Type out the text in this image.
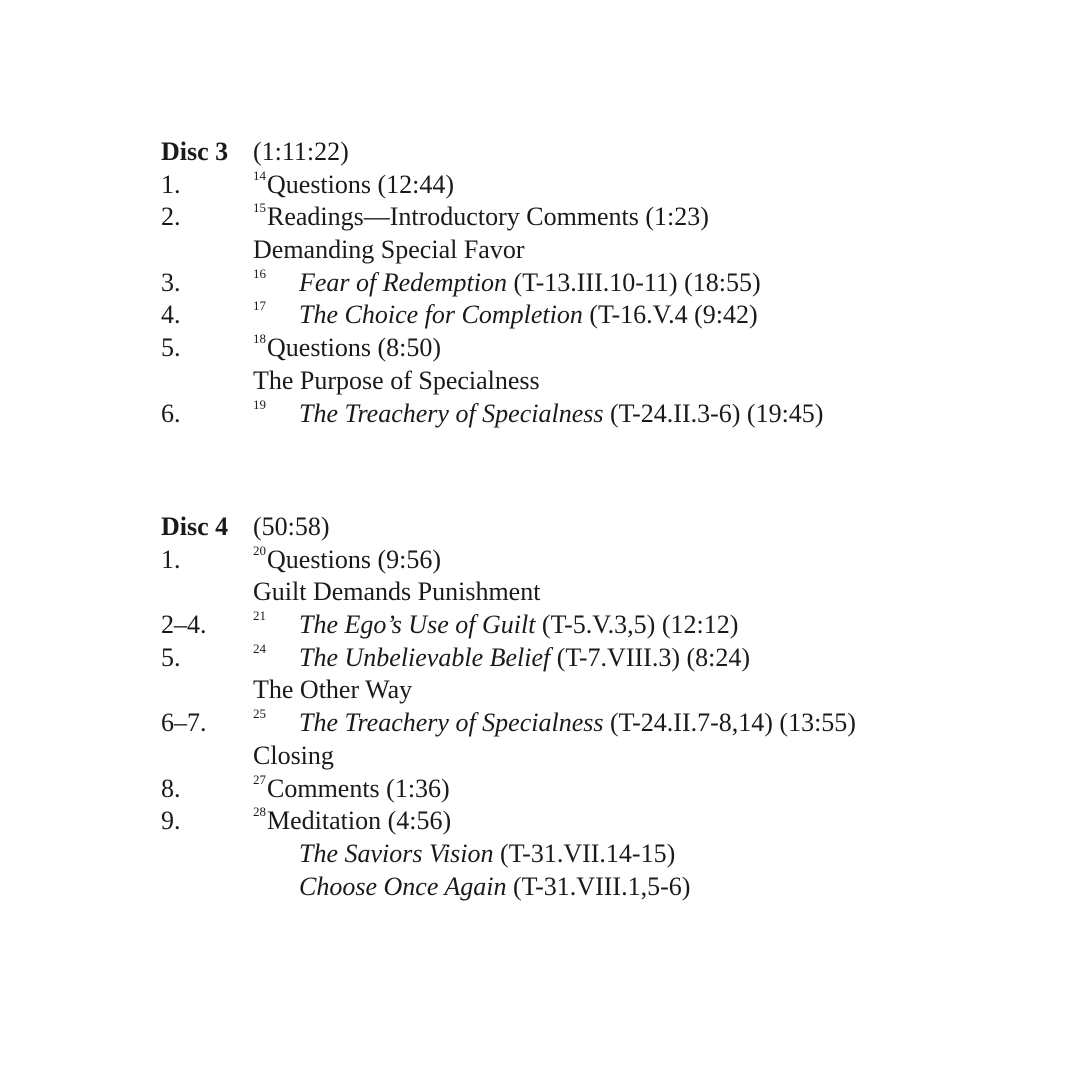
Disc 3 (1:11:22)
1.	14 Questions (12:44)
2.	15 Readings—Introductory Comments (1:23)
Demanding Special Favor
3.	16 Fear of Redemption (T-13.III.10-11) (18:55)
4.	17 The Choice for Completion (T-16.V.4 (9:42)
5.	18 Questions (8:50)
The Purpose of Specialness
6.	19 The Treachery of Specialness (T-24.II.3-6) (19:45)
Disc 4 (50:58)
1.	20 Questions (9:56)
Guilt Demands Punishment
2–4.	21 The Ego’s Use of Guilt (T-5.V.3,5) (12:12)
5.	24 The Unbelievable Belief (T-7.VIII.3) (8:24)
The Other Way
6–7.	25 The Treachery of Specialness (T-24.II.7-8,14) (13:55)
Closing
8.	27 Comments (1:36)
9.	28 Meditation (4:56)
The Saviors Vision (T-31.VII.14-15)
Choose Once Again (T-31.VIII.1,5-6)
